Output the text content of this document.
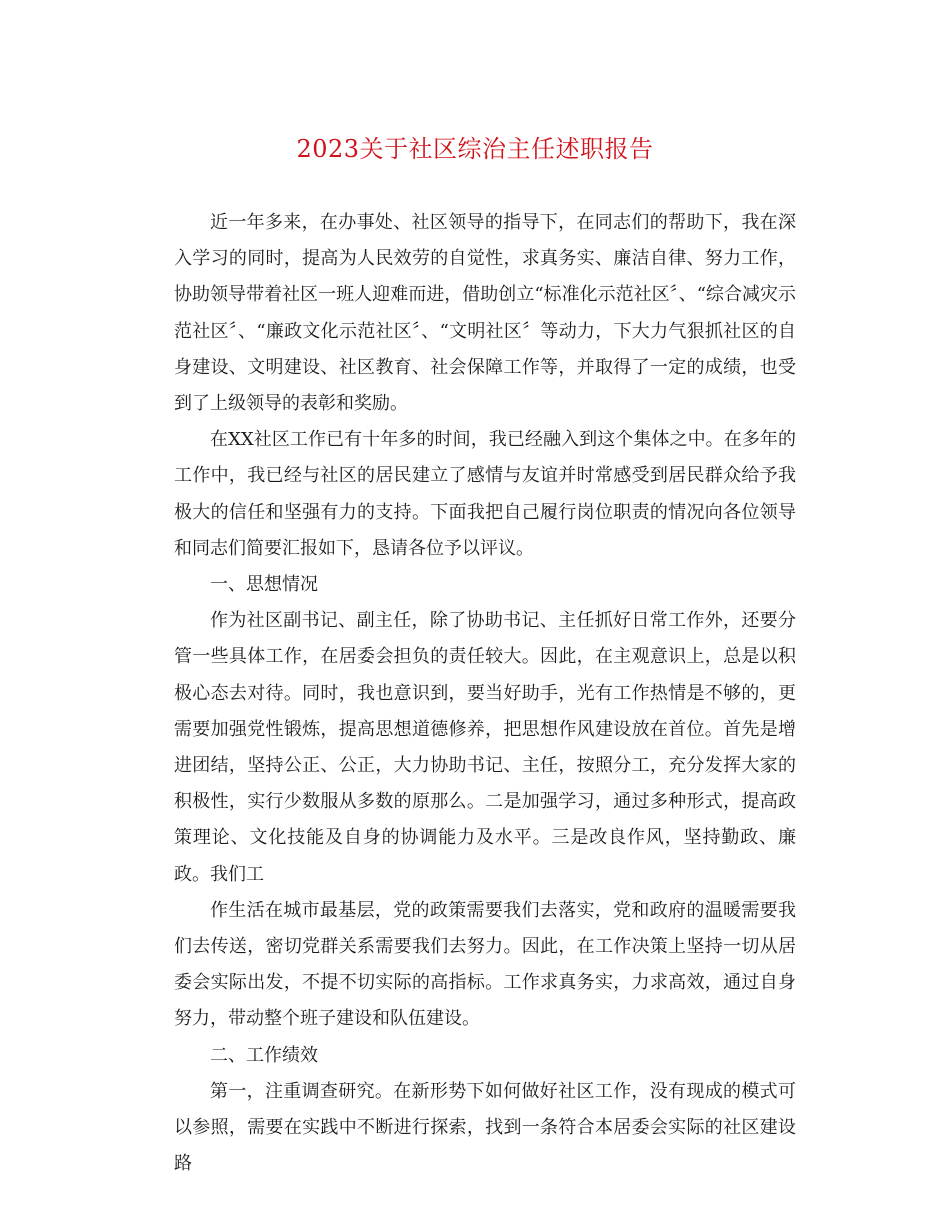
2023关于社区综治主任述职报告

近一年多来，在办事处、社区领导的指导下，在同志们的帮助下，我在深入学习的同时，提高为人民效劳的自觉性，求真务实、廉洁自律、努力工作，协助领导带着社区一班人迎难而进，借助创立“标准化示范社区〞、“综合减灾示范社区〞、“廉政文化示范社区〞、“文明社区〞等动力，下大力气狠抓社区的自身建设、文明建设、社区教育、社会保障工作等，并取得了一定的成绩，也受到了上级领导的表彰和奖励。

在XX社区工作已有十年多的时间，我已经融入到这个集体之中。在多年的工作中，我已经与社区的居民建立了感情与友谊并时常感受到居民群众给予我极大的信任和坚强有力的支持。下面我把自己履行岗位职责的情况向各位领导和同志们简要汇报如下，恳请各位予以评议。

一、思想情况

作为社区副书记、副主任，除了协助书记、主任抓好日常工作外，还要分管一些具体工作，在居委会担负的责任较大。因此，在主观意识上，总是以积极心态去对待。同时，我也意识到，要当好助手，光有工作热情是不够的，更需要加强党性锻炼，提高思想道德修养，把思想作风建设放在首位。首先是增进团结，坚持公正、公正，大力协助书记、主任，按照分工，充分发挥大家的积极性，实行少数服从多数的原那么。二是加强学习，通过多种形式，提高政策理论、文化技能及自身的协调能力及水平。三是改良作风，坚持勤政、廉政。我们工

作生活在城市最基层，党的政策需要我们去落实，党和政府的温暖需要我们去传送，密切党群关系需要我们去努力。因此，在工作决策上坚持一切从居委会实际出发，不提不切实际的高指标。工作求真务实，力求高效，通过自身努力，带动整个班子建设和队伍建设。

二、工作绩效

第一，注重调查研究。在新形势下如何做好社区工作，没有现成的模式可以参照，需要在实践中不断进行探索，找到一条符合本居委会实际的社区建设路
